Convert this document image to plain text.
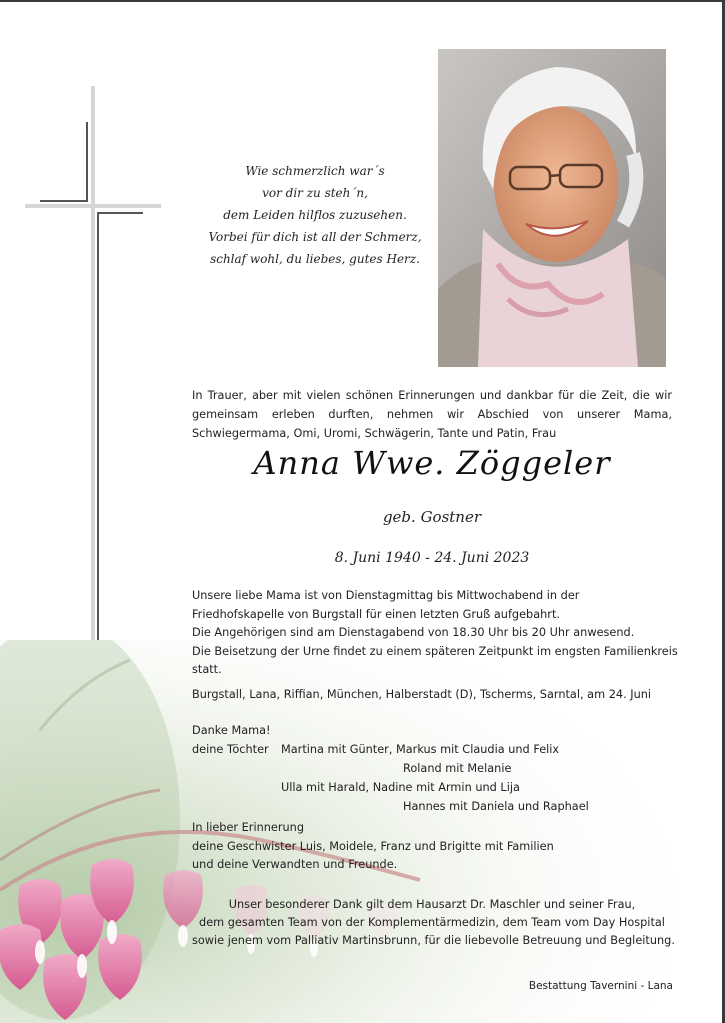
Wie schmerzlich war´s
vor dir zu steh´n,
dem Leiden hilflos zuzusehen.
Vorbei für dich ist all der Schmerz,
schlaf wohl, du liebes, gutes Herz.
In Trauer, aber mit vielen schönen Erinnerungen und dankbar für die Zeit, die wir gemeinsam erleben durften, nehmen wir Abschied von unserer Mama, Schwiegermama, Omi, Uromi, Schwägerin, Tante und Patin, Frau
Anna Wwe. Zöggeler
geb. Gostner
8. Juni 1940 - 24. Juni 2023
Unsere liebe Mama ist von Dienstagmittag bis Mittwochabend in der
Friedhofskapelle von Burgstall für einen letzten Gruß aufgebahrt.
Die Angehörigen sind am Dienstagabend von 18.30 Uhr bis 20 Uhr anwesend.
Die Beisetzung der Urne findet zu einem späteren Zeitpunkt im engsten Familienkreis
statt.
Burgstall, Lana, Riffian, München, Halberstadt (D), Tscherms, Sarntal, am 24. Juni
Danke Mama!
deine Töchter Martina mit Günter, Markus mit Claudia und Felix
Roland mit Melanie
Ulla mit Harald, Nadine mit Armin und Lija
Hannes mit Daniela und Raphael
In lieber Erinnerung
deine Geschwister Luis, Moidele, Franz und Brigitte mit Familien
und deine Verwandten und Freunde.
Unser besonderer Dank gilt dem Hausarzt Dr. Maschler und seiner Frau,
dem gesamten Team von der Komplementärmedizin, dem Team vom Day Hospital
sowie jenem vom Palliativ Martinsbrunn, für die liebevolle Betreuung und Begleitung.
Bestattung Tavernini - Lana
